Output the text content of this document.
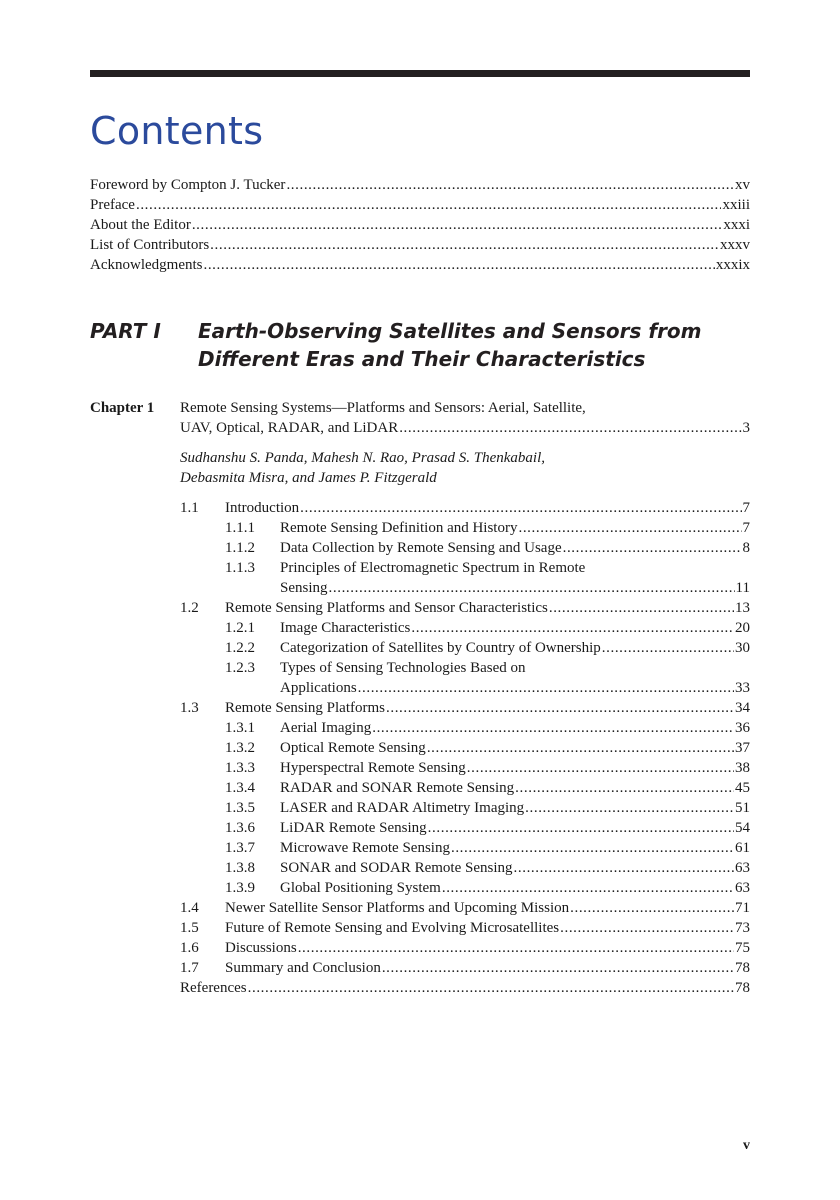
Contents
Foreword by Compton J. Tucker .....	xv
Preface .....	xxiii
About the Editor .....	xxxi
List of Contributors .....	xxxv
Acknowledgments .....	xxxix
PART I Earth-Observing Satellites and Sensors from
Different Eras and Their Characteristics
Chapter 1 Remote Sensing Systems—Platforms and Sensors: Aerial, Satellite,
UAV, Optical, RADAR, and LiDAR .....	3
Sudhanshu S. Panda, Mahesh N. Rao, Prasad S. Thenkabail,
Debasmita Misra, and James P. Fitzgerald
1.1 Introduction .....	7
1.1.1 Remote Sensing Definition and History .....	7
1.1.2 Data Collection by Remote Sensing and Usage .....	8
1.1.3 Principles of Electromagnetic Spectrum in Remote
Sensing .....	11
1.2 Remote Sensing Platforms and Sensor Characteristics .....	13
1.2.1 Image Characteristics .....	20
1.2.2 Categorization of Satellites by Country of Ownership .....	30
1.2.3 Types of Sensing Technologies Based on
Applications .....	33
1.3 Remote Sensing Platforms .....	34
1.3.1 Aerial Imaging .....	36
1.3.2 Optical Remote Sensing .....	37
1.3.3 Hyperspectral Remote Sensing .....	38
1.3.4 RADAR and SONAR Remote Sensing .....	45
1.3.5 LASER and RADAR Altimetry Imaging .....	51
1.3.6 LiDAR Remote Sensing .....	54
1.3.7 Microwave Remote Sensing .....	61
1.3.8 SONAR and SODAR Remote Sensing .....	63
1.3.9 Global Positioning System .....	63
1.4 Newer Satellite Sensor Platforms and Upcoming Mission .....	71
1.5 Future of Remote Sensing and Evolving Microsatellites .....	73
1.6 Discussions .....	75
1.7 Summary and Conclusion .....	78
References .....	78
v
